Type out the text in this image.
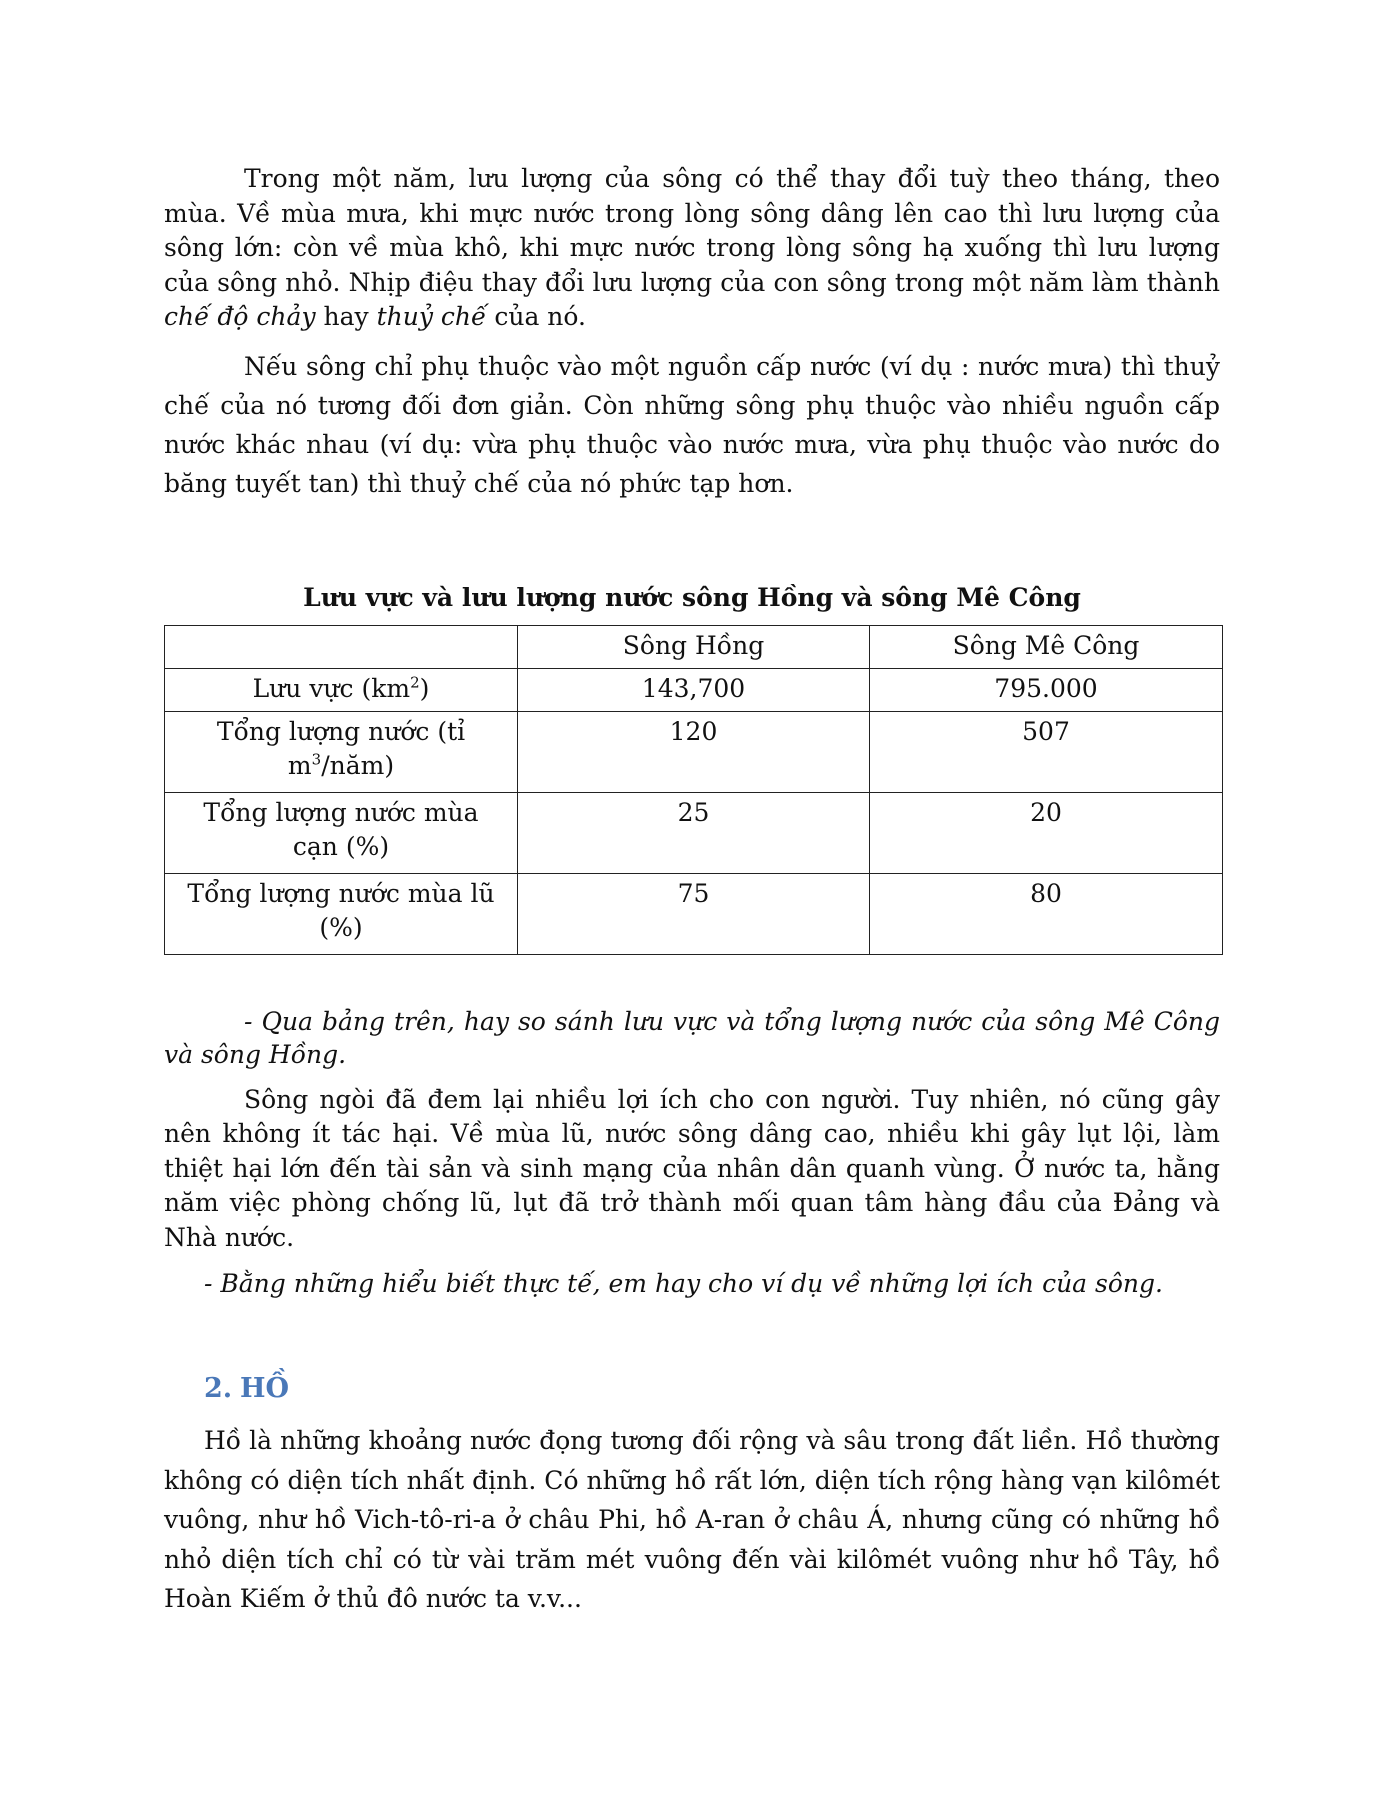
Trong một năm, lưu lượng của sông có thể thay đổi tuỳ theo tháng, theo mùa. Về mùa mưa, khi mực nước trong lòng sông dâng lên cao thì lưu lượng của sông lớn: còn về mùa khô, khi mực nước trong lòng sông hạ xuống thì lưu lượng của sông nhỏ. Nhịp điệu thay đổi lưu lượng của con sông trong một năm làm thành chế độ chảy hay thuỷ chế của nó.

Nếu sông chỉ phụ thuộc vào một nguồn cấp nước (ví dụ : nước mưa) thì thuỷ chế của nó tương đối đơn giản. Còn những sông phụ thuộc vào nhiều nguồn cấp nước khác nhau (ví dụ: vừa phụ thuộc vào nước mưa, vừa phụ thuộc vào nước do băng tuyết tan) thì thuỷ chế của nó phức tạp hơn.

Lưu vực và lưu lượng nước sông Hồng và sông Mê Công
	Sông Hồng	Sông Mê Công
Lưu vực $(km^2)$	143,700	795.000
Tổng lượng nước (tỉ
$m^3/năm$)	120	507
Tổng lượng nước mùa
cạn (%)	25	20
Tổng lượng nước mùa lũ
(%)	75	80

- Qua bảng trên, hay so sánh lưu vực và tổng lượng nước của sông Mê Công và sông Hồng.

Sông ngòi đã đem lại nhiều lợi ích cho con người. Tuy nhiên, nó cũng gây nên không ít tác hại. Về mùa lũ, nước sông dâng cao, nhiều khi gây lụt lội, làm thiệt hại lớn đến tài sản và sinh mạng của nhân dân quanh vùng. Ở nước ta, hằng năm việc phòng chống lũ, lụt đã trở thành mối quan tâm hàng đầu của Đảng và Nhà nước.

- Bằng những hiểu biết thực tế, em hay cho ví dụ về những lợi ích của sông.

2. HỒ

Hồ là những khoảng nước đọng tương đối rộng và sâu trong đất liền. Hồ thường không có diện tích nhất định. Có những hồ rất lớn, diện tích rộng hàng vạn kilômét vuông, như hồ Vich-tô-ri-a ở châu Phi, hồ A-ran ở châu Á, nhưng cũng có những hồ nhỏ diện tích chỉ có từ vài trăm mét vuông đến vài kilômét vuông như hồ Tây, hồ Hoàn Kiếm ở thủ đô nước ta v.v...
